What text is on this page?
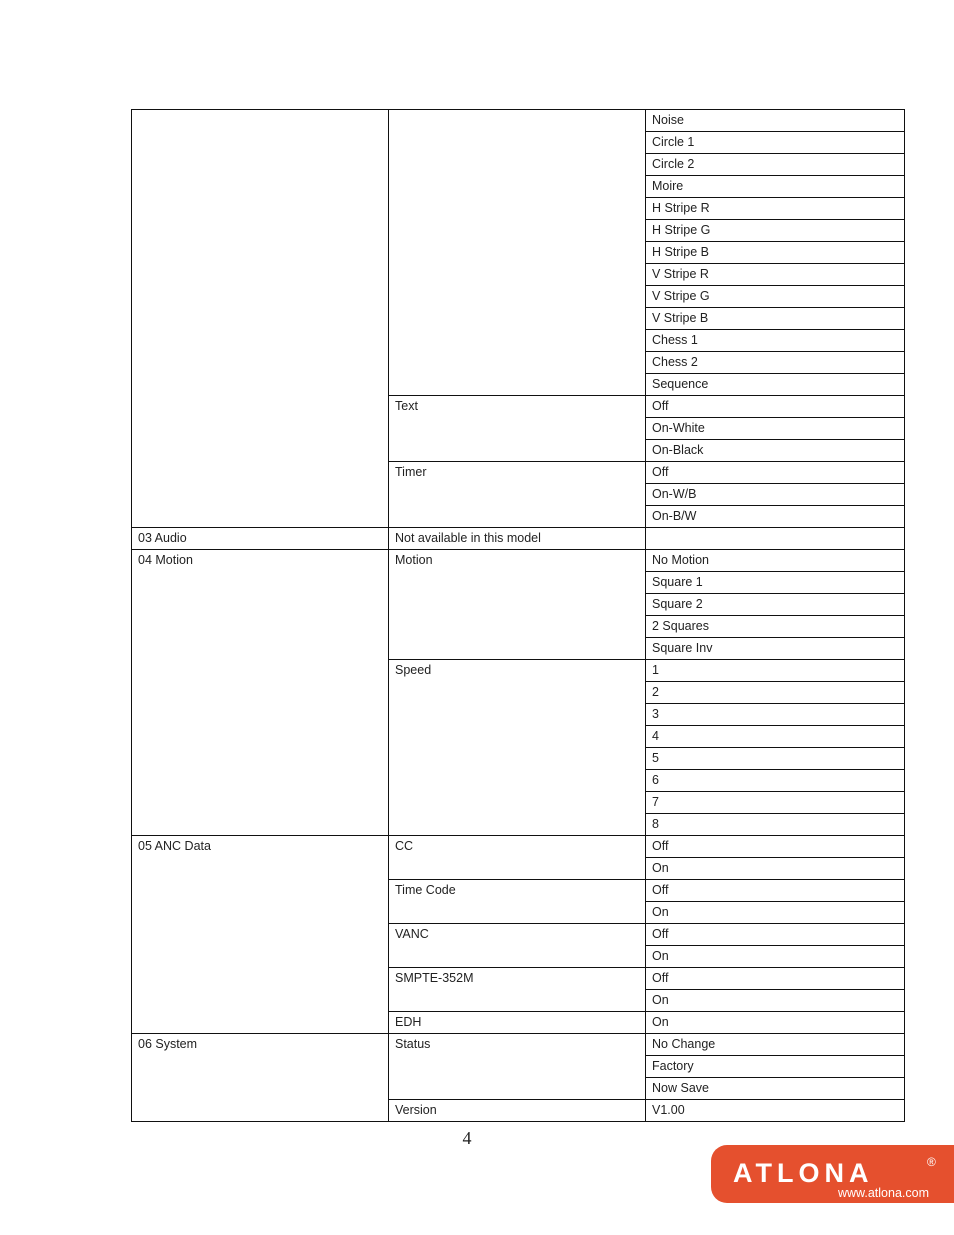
		Noise
		Circle 1
		Circle 2
		Moire
		H Stripe R
		H Stripe G
		H Stripe B
		V Stripe R
		V Stripe G
		V Stripe B
		Chess 1
		Chess 2
		Sequence
	Text	Off
		On-White
		On-Black
	Timer	Off
		On-W/B
		On-B/W
03 Audio	Not available in this model	
04 Motion	Motion	No Motion
		Square 1
		Square 2
		2 Squares
		Square Inv
	Speed	1
		2
		3
		4
		5
		6
		7
		8
05 ANC Data	CC	Off
		On
	Time Code	Off
		On
	VANC	Off
		On
	SMPTE-352M	Off
		On
	EDH	On
06 System	Status	No Change
		Factory
		Now Save
	Version	V1.00
4
ATLONA	®
www.atlona.com
